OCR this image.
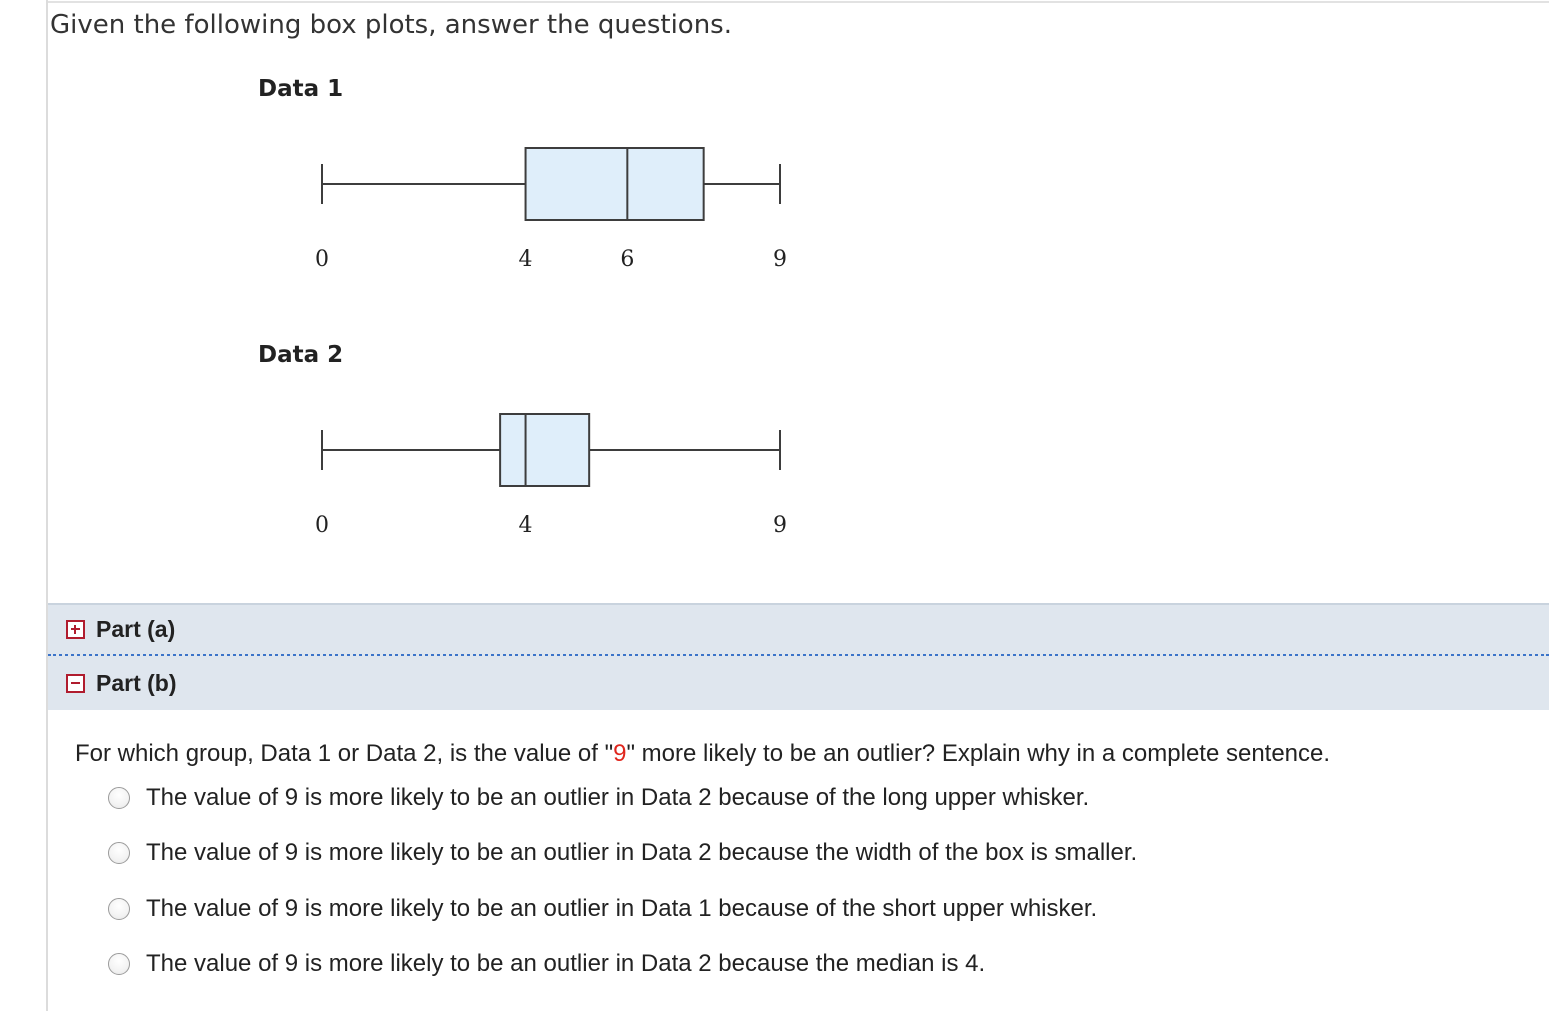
Given the following box plots, answer the questions.
Data 1
0	4	6	9
Data 2
0	4	9
Part (a)
Part (b)
For which group, Data 1 or Data 2, is the value of "9" more likely to be an outlier? Explain why in a complete sentence.
The value of 9 is more likely to be an outlier in Data 2 because of the long upper whisker.
The value of 9 is more likely to be an outlier in Data 2 because the width of the box is smaller.
The value of 9 is more likely to be an outlier in Data 1 because of the short upper whisker.
The value of 9 is more likely to be an outlier in Data 2 because the median is 4.
